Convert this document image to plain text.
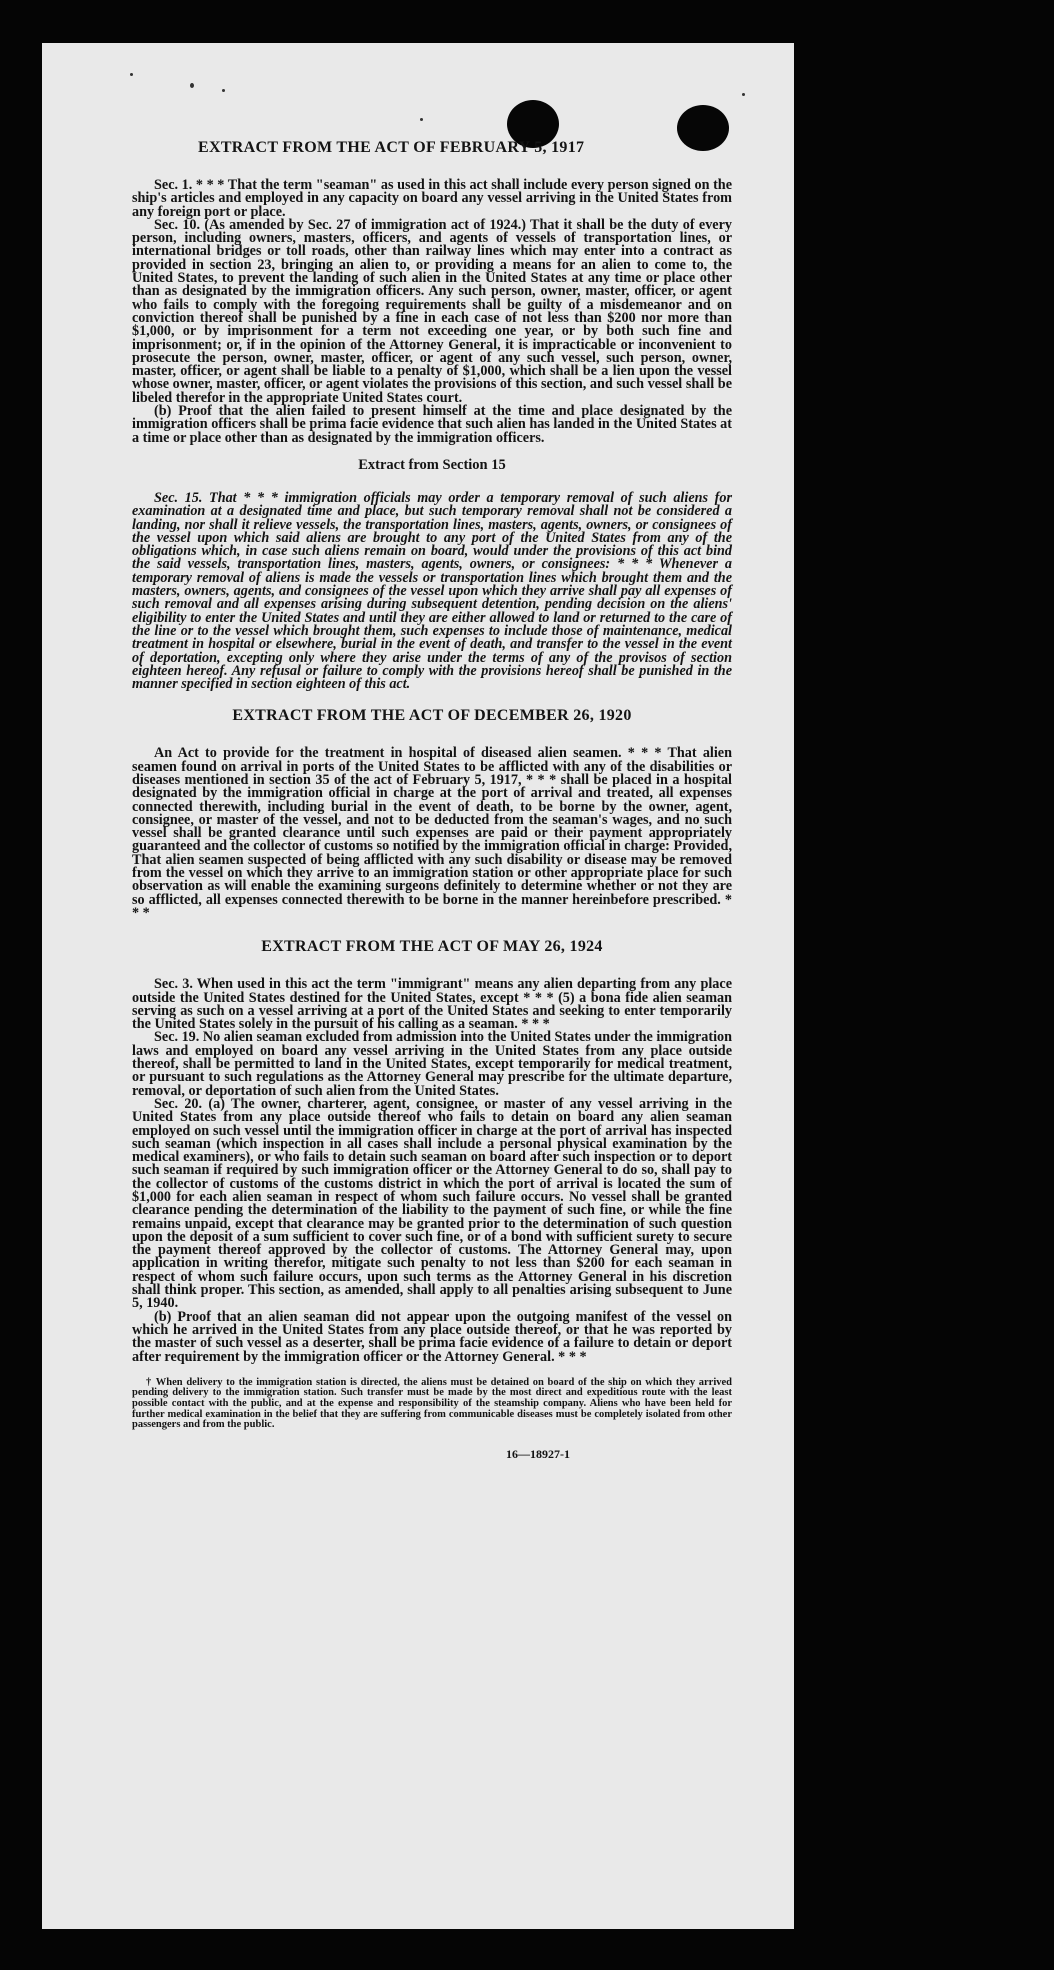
EXTRACT FROM THE ACT OF FEBRUARY 5, 1917

Sec. 1. * * * That the term "seaman" as used in this act shall include every person signed on the ship's articles and employed in any capacity on board any vessel arriving in the United States from any foreign port or place.

Sec. 10. (As amended by Sec. 27 of immigration act of 1924.) That it shall be the duty of every person, including owners, masters, officers, and agents of vessels of transportation lines, or international bridges or toll roads, other than railway lines which may enter into a contract as provided in section 23, bringing an alien to, or providing a means for an alien to come to, the United States, to prevent the landing of such alien in the United States at any time or place other than as designated by the immigration officers. Any such person, owner, master, officer, or agent who fails to comply with the foregoing requirements shall be guilty of a misdemeanor and on conviction thereof shall be punished by a fine in each case of not less than $200 nor more than $1,000, or by imprisonment for a term not exceeding one year, or by both such fine and imprisonment; or, if in the opinion of the Attorney General, it is impracticable or inconvenient to prosecute the person, owner, master, officer, or agent of any such vessel, such person, owner, master, officer, or agent shall be liable to a penalty of $1,000, which shall be a lien upon the vessel whose owner, master, officer, or agent violates the provisions of this section, and such vessel shall be libeled therefor in the appropriate United States court.

(b) Proof that the alien failed to present himself at the time and place designated by the immigration officers shall be prima facie evidence that such alien has landed in the United States at a time or place other than as designated by the immigration officers.

Extract from Section 15

Sec. 15. That * * * immigration officials may order a temporary removal of such aliens for examination at a designated time and place, but such temporary removal shall not be considered a landing, nor shall it relieve vessels, the transportation lines, masters, agents, owners, or consignees of the vessel upon which said aliens are brought to any port of the United States from any of the obligations which, in case such aliens remain on board, would under the provisions of this act bind the said vessels, transportation lines, masters, agents, owners, or consignees: * * * Whenever a temporary removal of aliens is made the vessels or transportation lines which brought them and the masters, owners, agents, and consignees of the vessel upon which they arrive shall pay all expenses of such removal and all expenses arising during subsequent detention, pending decision on the aliens' eligibility to enter the United States and until they are either allowed to land or returned to the care of the line or to the vessel which brought them, such expenses to include those of maintenance, medical treatment in hospital or elsewhere, burial in the event of death, and transfer to the vessel in the event of deportation, excepting only where they arise under the terms of any of the provisos of section eighteen hereof. Any refusal or failure to comply with the provisions hereof shall be punished in the manner specified in section eighteen of this act.

EXTRACT FROM THE ACT OF DECEMBER 26, 1920

An Act to provide for the treatment in hospital of diseased alien seamen. * * * That alien seamen found on arrival in ports of the United States to be afflicted with any of the disabilities or diseases mentioned in section 35 of the act of February 5, 1917, * * * shall be placed in a hospital designated by the immigration official in charge at the port of arrival and treated, all expenses connected therewith, including burial in the event of death, to be borne by the owner, agent, consignee, or master of the vessel, and not to be deducted from the seaman's wages, and no such vessel shall be granted clearance until such expenses are paid or their payment appropriately guaranteed and the collector of customs so notified by the immigration official in charge: Provided, That alien seamen suspected of being afflicted with any such disability or disease may be removed from the vessel on which they arrive to an immigration station or other appropriate place for such observation as will enable the examining surgeons definitely to determine whether or not they are so afflicted, all expenses connected therewith to be borne in the manner hereinbefore prescribed. * * *

EXTRACT FROM THE ACT OF MAY 26, 1924

Sec. 3. When used in this act the term "immigrant" means any alien departing from any place outside the United States destined for the United States, except * * * (5) a bona fide alien seaman serving as such on a vessel arriving at a port of the United States and seeking to enter temporarily the United States solely in the pursuit of his calling as a seaman. * * *

Sec. 19. No alien seaman excluded from admission into the United States under the immigration laws and employed on board any vessel arriving in the United States from any place outside thereof, shall be permitted to land in the United States, except temporarily for medical treatment, or pursuant to such regulations as the Attorney General may prescribe for the ultimate departure, removal, or deportation of such alien from the United States.

Sec. 20. (a) The owner, charterer, agent, consignee, or master of any vessel arriving in the United States from any place outside thereof who fails to detain on board any alien seaman employed on such vessel until the immigration officer in charge at the port of arrival has inspected such seaman (which inspection in all cases shall include a personal physical examination by the medical examiners), or who fails to detain such seaman on board after such inspection or to deport such seaman if required by such immigration officer or the Attorney General to do so, shall pay to the collector of customs of the customs district in which the port of arrival is located the sum of $1,000 for each alien seaman in respect of whom such failure occurs. No vessel shall be granted clearance pending the determination of the liability to the payment of such fine, or while the fine remains unpaid, except that clearance may be granted prior to the determination of such question upon the deposit of a sum sufficient to cover such fine, or of a bond with sufficient surety to secure the payment thereof approved by the collector of customs. The Attorney General may, upon application in writing therefor, mitigate such penalty to not less than $200 for each seaman in respect of whom such failure occurs, upon such terms as the Attorney General in his discretion shall think proper. This section, as amended, shall apply to all penalties arising subsequent to June 5, 1940.

(b) Proof that an alien seaman did not appear upon the outgoing manifest of the vessel on which he arrived in the United States from any place outside thereof, or that he was reported by the master of such vessel as a deserter, shall be prima facie evidence of a failure to detain or deport after requirement by the immigration officer or the Attorney General. * * *

† When delivery to the immigration station is directed, the aliens must be detained on board of the ship on which they arrived pending delivery to the immigration station. Such transfer must be made by the most direct and expeditious route with the least possible contact with the public, and at the expense and responsibility of the steamship company. Aliens who have been held for further medical examination in the belief that they are suffering from communicable diseases must be completely isolated from other passengers and from the public.
16—18927-1
